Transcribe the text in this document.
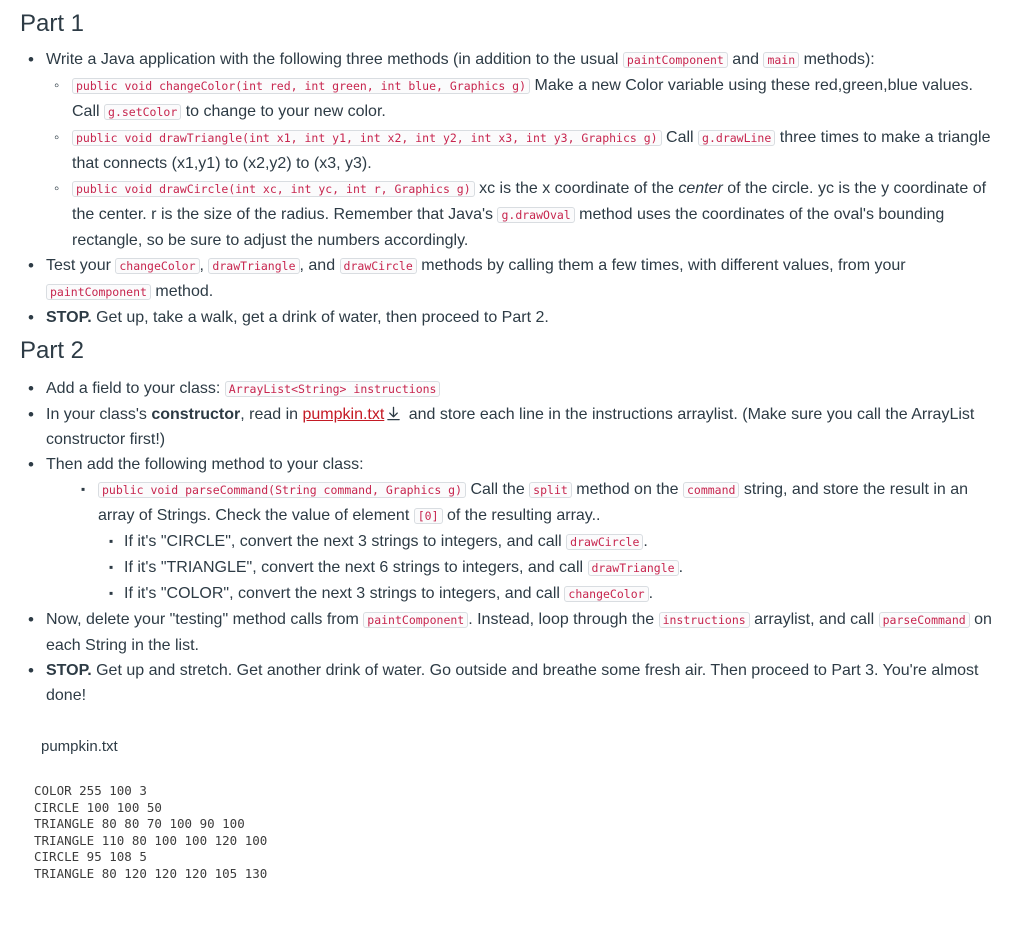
Part 1
• Write a Java application with the following three methods (in addition to the usual paintComponent and main methods):
◦ public void changeColor(int red, int green, int blue, Graphics g) Make a new Color variable using these red,green,blue values. Call g.setColor to change to your new color.
◦ public void drawTriangle(int x1, int y1, int x2, int y2, int x3, int y3, Graphics g) Call g.drawLine three times to make a triangle that connects (x1,y1) to (x2,y2) to (x3, y3).
◦ public void drawCircle(int xc, int yc, int r, Graphics g) xc is the x coordinate of the center of the circle. yc is the y coordinate of the center. r is the size of the radius. Remember that Java's g.drawOval method uses the coordinates of the oval's bounding rectangle, so be sure to adjust the numbers accordingly.
• Test your changeColor , drawTriangle , and drawCircle methods by calling them a few times, with different values, from your paintComponent method.
• STOP. Get up, take a walk, get a drink of water, then proceed to Part 2.
Part 2
• Add a field to your class: ArrayList<String> instructions
• In your class's constructor, read in pumpkin.txt and store each line in the instructions arraylist. (Make sure you call the ArrayList constructor first!)
• Then add the following method to your class:
▪ public void parseCommand(String command, Graphics g) Call the split method on the command string, and store the result in an array of Strings. Check the value of element [0] of the resulting array..
▪ If it's "CIRCLE", convert the next 3 strings to integers, and call drawCircle .
▪ If it's "TRIANGLE", convert the next 6 strings to integers, and call drawTriangle .
▪ If it's "COLOR", convert the next 3 strings to integers, and call changeColor .
• Now, delete your "testing" method calls from paintComponent . Instead, loop through the instructions arraylist, and call parseCommand on each String in the list.
• STOP. Get up and stretch. Get another drink of water. Go outside and breathe some fresh air. Then proceed to Part 3. You're almost done!
pumpkin.txt
COLOR 255 100 3
CIRCLE 100 100 50
TRIANGLE 80 80 70 100 90 100
TRIANGLE 110 80 100 100 120 100
CIRCLE 95 108 5
TRIANGLE 80 120 120 120 105 130
